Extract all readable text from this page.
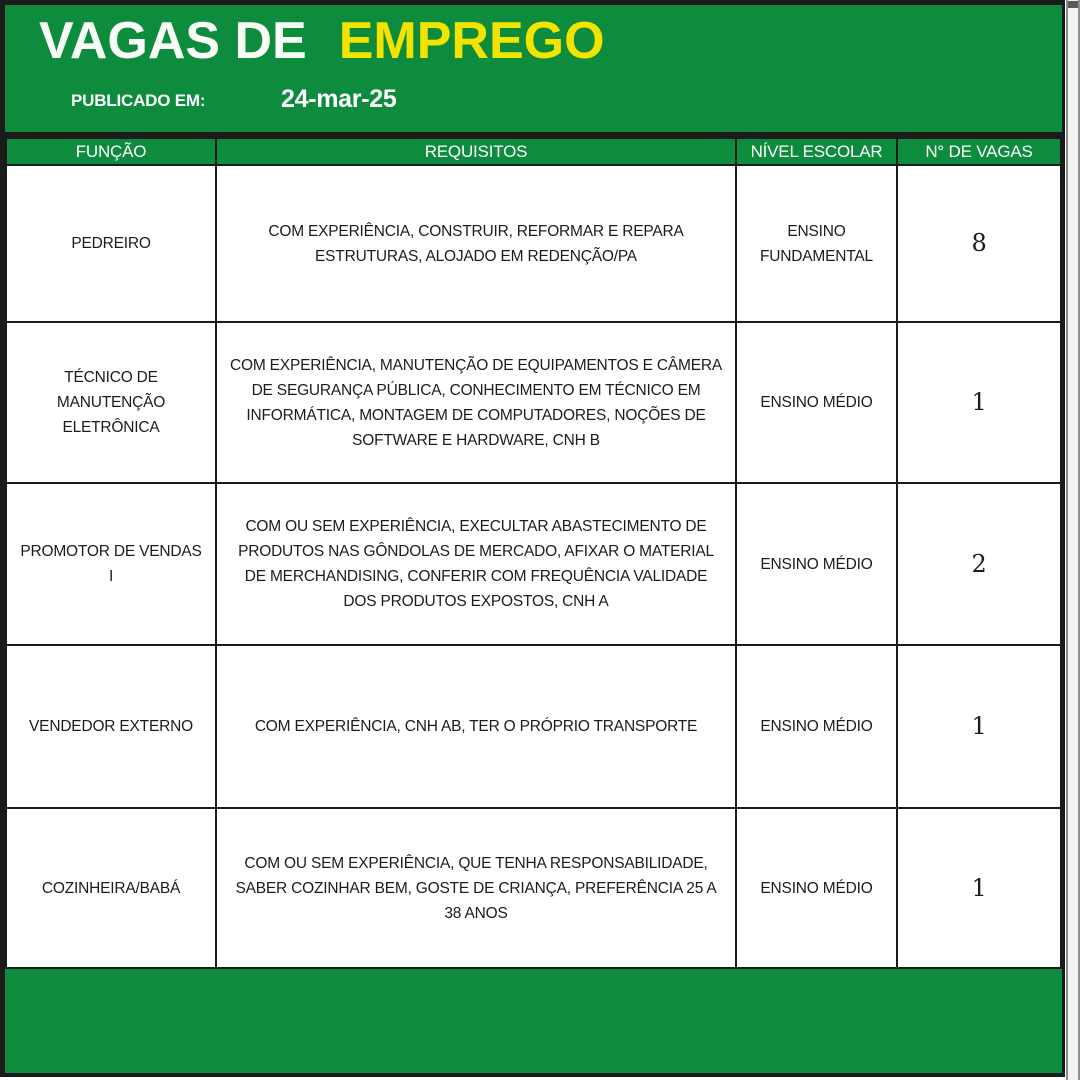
VAGAS DE EMPREGO
PUBLICADO EM:	24-mar-25
FUNÇÃO	REQUISITOS	NÍVEL ESCOLAR	N° DE VAGAS
PEDREIRO	COM EXPERIÊNCIA, CONSTRUIR, REFORMAR E REPARA ESTRUTURAS, ALOJADO EM REDENÇÃO/PA	ENSINO FUNDAMENTAL	8
TÉCNICO DE MANUTENÇÃO ELETRÔNICA	COM EXPERIÊNCIA, MANUTENÇÃO DE EQUIPAMENTOS E CÂMERA DE SEGURANÇA PÚBLICA, CONHECIMENTO EM TÉCNICO EM INFORMÁTICA, MONTAGEM DE COMPUTADORES, NOÇÕES DE SOFTWARE E HARDWARE, CNH B	ENSINO MÉDIO	1
PROMOTOR DE VENDAS I	COM OU SEM EXPERIÊNCIA, EXECULTAR ABASTECIMENTO DE PRODUTOS NAS GÔNDOLAS DE MERCADO, AFIXAR O MATERIAL DE MERCHANDISING, CONFERIR COM FREQUÊNCIA VALIDADE DOS PRODUTOS EXPOSTOS, CNH A	ENSINO MÉDIO	2
VENDEDOR EXTERNO	COM EXPERIÊNCIA, CNH AB, TER O PRÓPRIO TRANSPORTE	ENSINO MÉDIO	1
COZINHEIRA/BABÁ	COM OU SEM EXPERIÊNCIA, QUE TENHA RESPONSABILIDADE, SABER COZINHAR BEM, GOSTE DE CRIANÇA, PREFERÊNCIA 25 A 38 ANOS	ENSINO MÉDIO	1
